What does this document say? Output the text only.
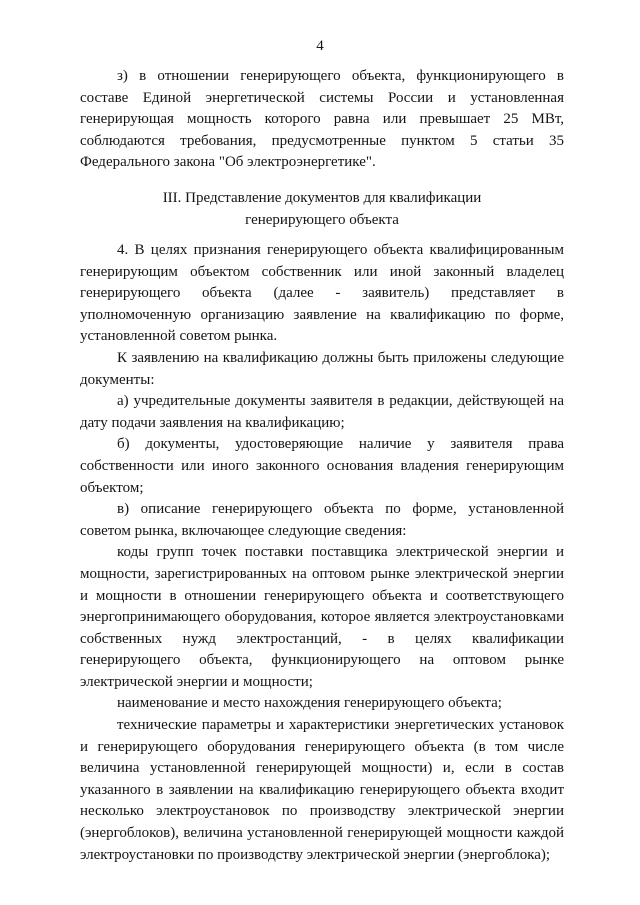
4

з) в отношении генерирующего объекта, функционирующего в составе Единой энергетической системы России и установленная генерирующая мощность которого равна или превышает 25 МВт, соблюдаются требования, предусмотренные пунктом 5 статьи 35 Федерального закона "Об электроэнергетике".

III. Представление документов для квалификации
генерирующего объекта

4. В целях признания генерирующего объекта квалифицированным генерирующим объектом собственник или иной законный владелец генерирующего объекта (далее - заявитель) представляет в уполномоченную организацию заявление на квалификацию по форме, установленной советом рынка.

К заявлению на квалификацию должны быть приложены следующие документы:

а) учредительные документы заявителя в редакции, действующей на дату подачи заявления на квалификацию;

б) документы, удостоверяющие наличие у заявителя права собственности или иного законного основания владения генерирующим объектом;

в) описание генерирующего объекта по форме, установленной советом рынка, включающее следующие сведения:

коды групп точек поставки поставщика электрической энергии и мощности, зарегистрированных на оптовом рынке электрической энергии и мощности в отношении генерирующего объекта и соответствующего энергопринимающего оборудования, которое является электроустановками собственных нужд электростанций, - в целях квалификации генерирующего объекта, функционирующего на оптовом рынке электрической энергии и мощности;

наименование и место нахождения генерирующего объекта;

технические параметры и характеристики энергетических установок и генерирующего оборудования генерирующего объекта (в том числе величина установленной генерирующей мощности) и, если в состав указанного в заявлении на квалификацию генерирующего объекта входит несколько электроустановок по производству электрической энергии (энергоблоков), величина установленной генерирующей мощности каждой электроустановки по производству электрической энергии (энергоблока);
